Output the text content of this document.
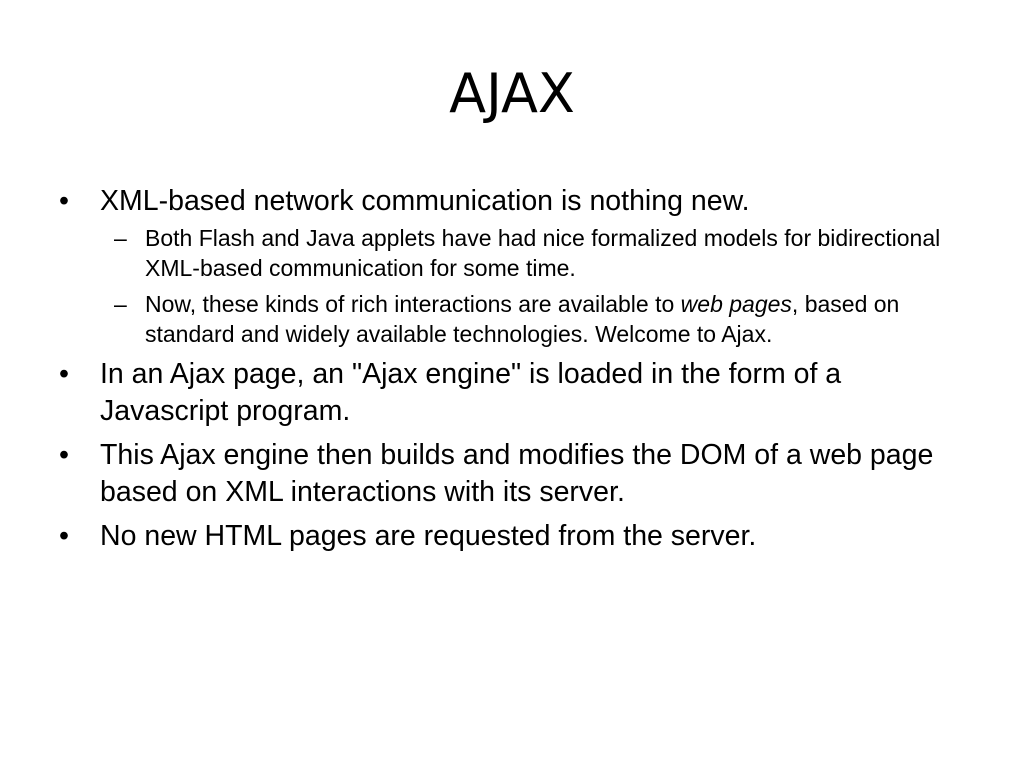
AJAX
• XML-based network communication is nothing new.
– Both Flash and Java applets have had nice formalized models for bidirectional XML-based communication for some time.
– Now, these kinds of rich interactions are available to web pages, based on standard and widely available technologies. Welcome to Ajax.
• In an Ajax page, an "Ajax engine" is loaded in the form of a Javascript program.
• This Ajax engine then builds and modifies the DOM of a web page based on XML interactions with its server.
• No new HTML pages are requested from the server.
